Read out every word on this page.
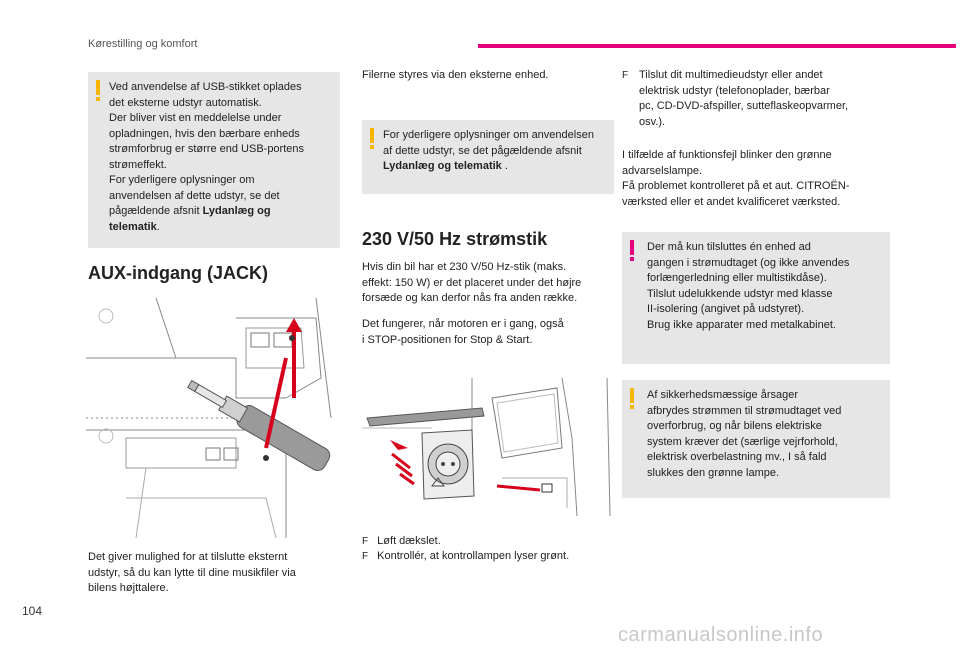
Kørestilling og komfort
Ved anvendelse af USB-stikket oplades
det eksterne udstyr automatisk.
Der bliver vist en meddelelse under
opladningen, hvis den bærbare enheds
strømforbrug er større end USB-portens
strømeffekt.
For yderligere oplysninger om
anvendelsen af dette udstyr, se det
pågældende afsnit Lydanlæg og
telematik.
AUX-indgang (JACK)
Det giver mulighed for at tilslutte eksternt
udstyr, så du kan lytte til dine musikfiler via
bilens højttalere.
Filerne styres via den eksterne enhed.
For yderligere oplysninger om anvendelsen
af dette udstyr, se det pågældende afsnit
Lydanlæg og telematik .
230 V/50 Hz strømstik
Hvis din bil har et 230 V/50 Hz-stik (maks.
effekt: 150 W) er det placeret under det højre
forsæde og kan derfor nås fra anden række.
Det fungerer, når motoren er i gang, også
i STOP-positionen for Stop & Start.
F Løft dækslet.
F Kontrollér, at kontrollampen lyser grønt.
F Tilslut dit multimedieudstyr eller andet
elektrisk udstyr (telefonoplader, bærbar
pc, CD-DVD-afspiller, sutteflaskeopvarmer,
osv.).
I tilfælde af funktionsfejl blinker den grønne
advarselslampe.
Få problemet kontrolleret på et aut. CITROËN-
værksted eller et andet kvalificeret værksted.
Der må kun tilsluttes én enhed ad
gangen i strømudtaget (og ikke anvendes
forlængerledning eller multistikdåse).
Tilslut udelukkende udstyr med klasse
II-isolering (angivet på udstyret).
Brug ikke apparater med metalkabinet.
Af sikkerhedsmæssige årsager
afbrydes strømmen til strømudtaget ved
overforbrug, og når bilens elektriske
system kræver det (særlige vejrforhold,
elektrisk overbelastning mv., I så fald
slukkes den grønne lampe.
104
carmanualsonline.info
